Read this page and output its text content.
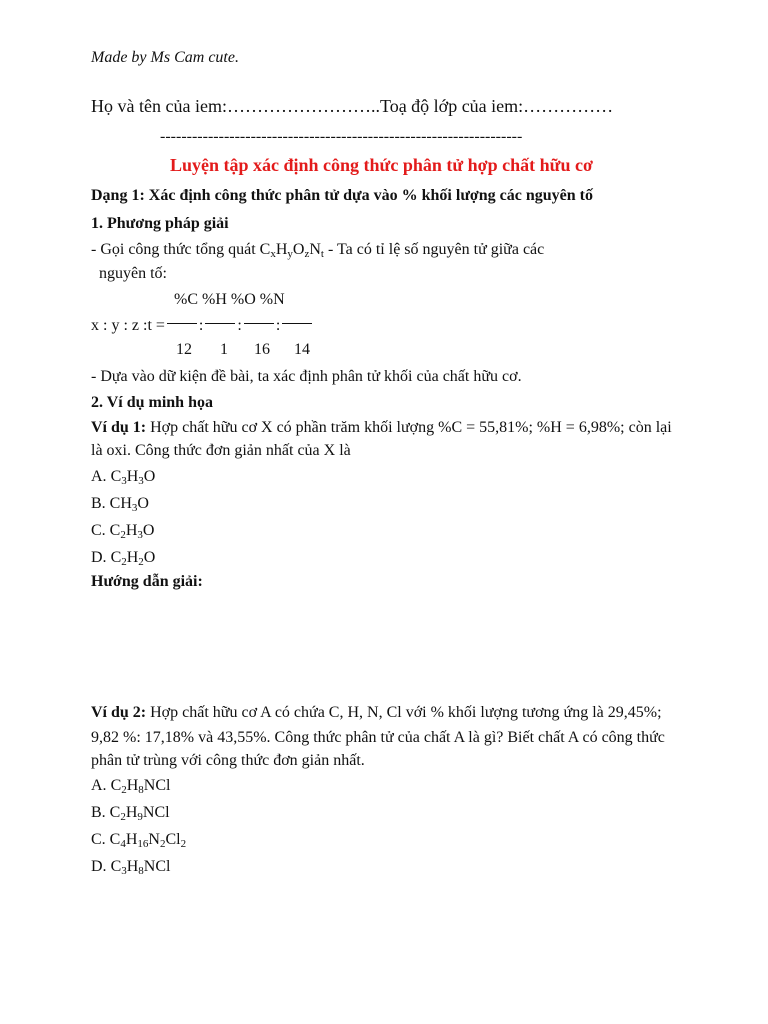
Made by Ms Cam cute.
Họ và tên của iem:……………………..Toạ độ lớp của iem:……………
--------------------------------------------------------------------
Luyện tập xác định công thức phân tử hợp chất hữu cơ
Dạng 1: Xác định công thức phân tử dựa vào % khối lượng các nguyên tố
1. Phương pháp giải
- Gọi công thức tổng quát $C_xH_yO_zN_t$ - Ta có tỉ lệ số nguyên tử giữa các
nguyên tố:
%C %H %O %N
x : y : z :t = : : :
12 1 16 14
- Dựa vào dữ kiện đề bài, ta xác định phân tử khối của chất hữu cơ.
2. Ví dụ minh họa
Ví dụ 1: Hợp chất hữu cơ X có phần trăm khối lượng %C = 55,81%; %H = 6,98%; còn lại
là oxi. Công thức đơn giản nhất của X là
A. $C_3H_3O$
B. $CH_3O$
C. $C_2H_3O$
D. $C_2H_2O$
Hướng dẫn giải:
Ví dụ 2: Hợp chất hữu cơ A có chứa C, H, N, Cl với % khối lượng tương ứng là 29,45%;
9,82 %: 17,18% và 43,55%. Công thức phân tử của chất A là gì? Biết chất A có công thức
phân tử trùng với công thức đơn giản nhất.
A. $C_2H_8NCl$
B. $C_2H_9NCl$
C. $C_4H_{16}N_2Cl_2$
D. $C_3H_8NCl$
